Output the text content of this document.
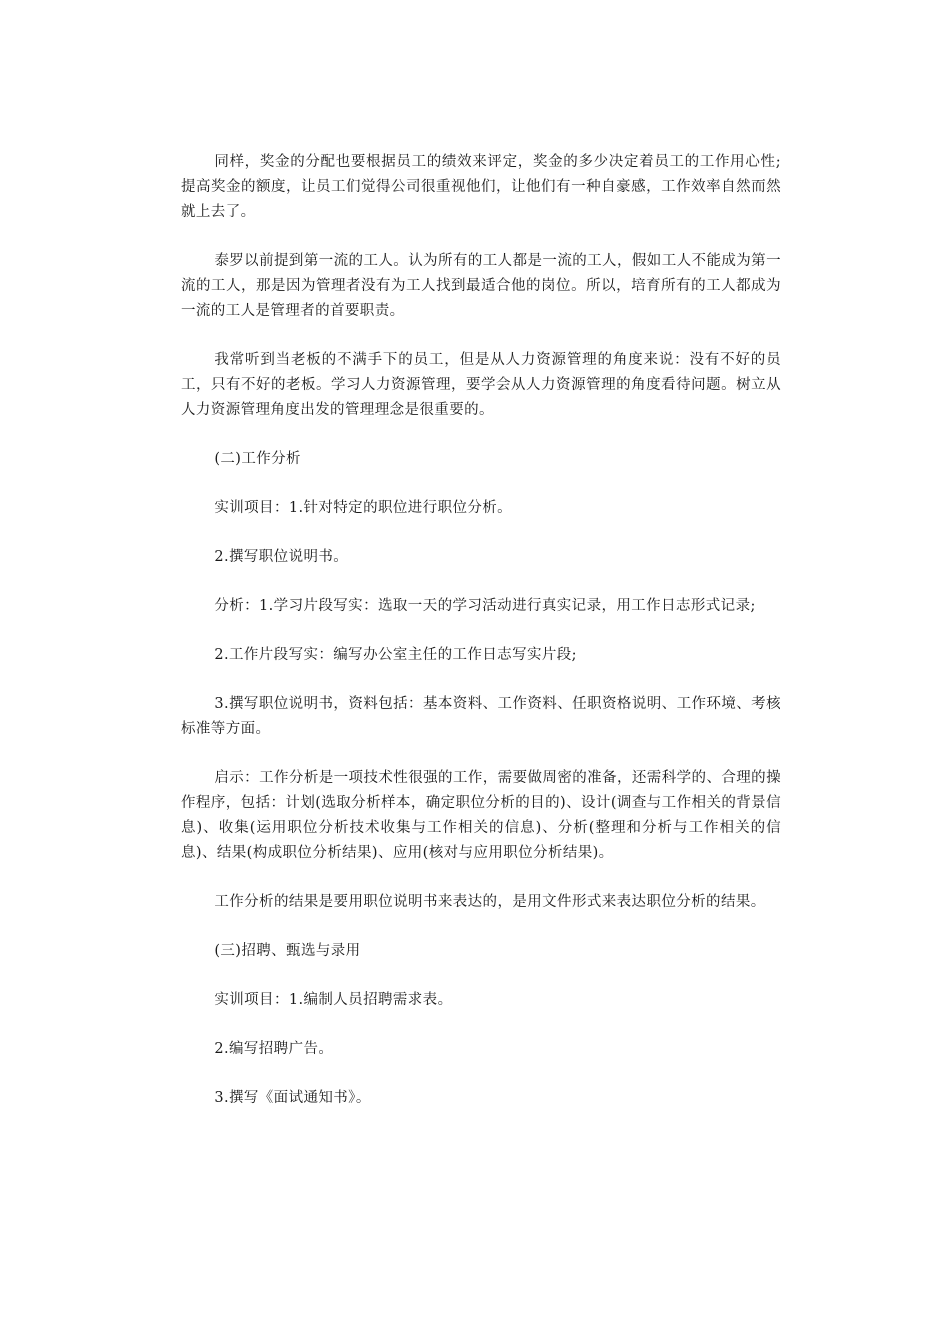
同样，奖金的分配也要根据员工的绩效来评定，奖金的多少决定着员工的工作用心性;提高奖金的额度，让员工们觉得公司很重视他们，让他们有一种自豪感，工作效率自然而然就上去了。

泰罗以前提到第一流的工人。认为所有的工人都是一流的工人，假如工人不能成为第一流的工人，那是因为管理者没有为工人找到最适合他的岗位。所以，培育所有的工人都成为一流的工人是管理者的首要职责。

我常听到当老板的不满手下的员工，但是从人力资源管理的角度来说：没有不好的员工，只有不好的老板。学习人力资源管理，要学会从人力资源管理的角度看待问题。树立从人力资源管理角度出发的管理理念是很重要的。

(二)工作分析

实训项目：1.针对特定的职位进行职位分析。

2.撰写职位说明书。

分析：1.学习片段写实：选取一天的学习活动进行真实记录，用工作日志形式记录;

2.工作片段写实：编写办公室主任的工作日志写实片段;

3.撰写职位说明书，资料包括：基本资料、工作资料、任职资格说明、工作环境、考核标准等方面。

启示：工作分析是一项技术性很强的工作，需要做周密的准备，还需科学的、合理的操作程序，包括：计划(选取分析样本，确定职位分析的目的)、设计(调查与工作相关的背景信息)、收集(运用职位分析技术收集与工作相关的信息)、分析(整理和分析与工作相关的信息)、结果(构成职位分析结果)、应用(核对与应用职位分析结果)。

工作分析的结果是要用职位说明书来表达的，是用文件形式来表达职位分析的结果。

(三)招聘、甄选与录用

实训项目：1.编制人员招聘需求表。

2.编写招聘广告。

3.撰写《面试通知书》。
